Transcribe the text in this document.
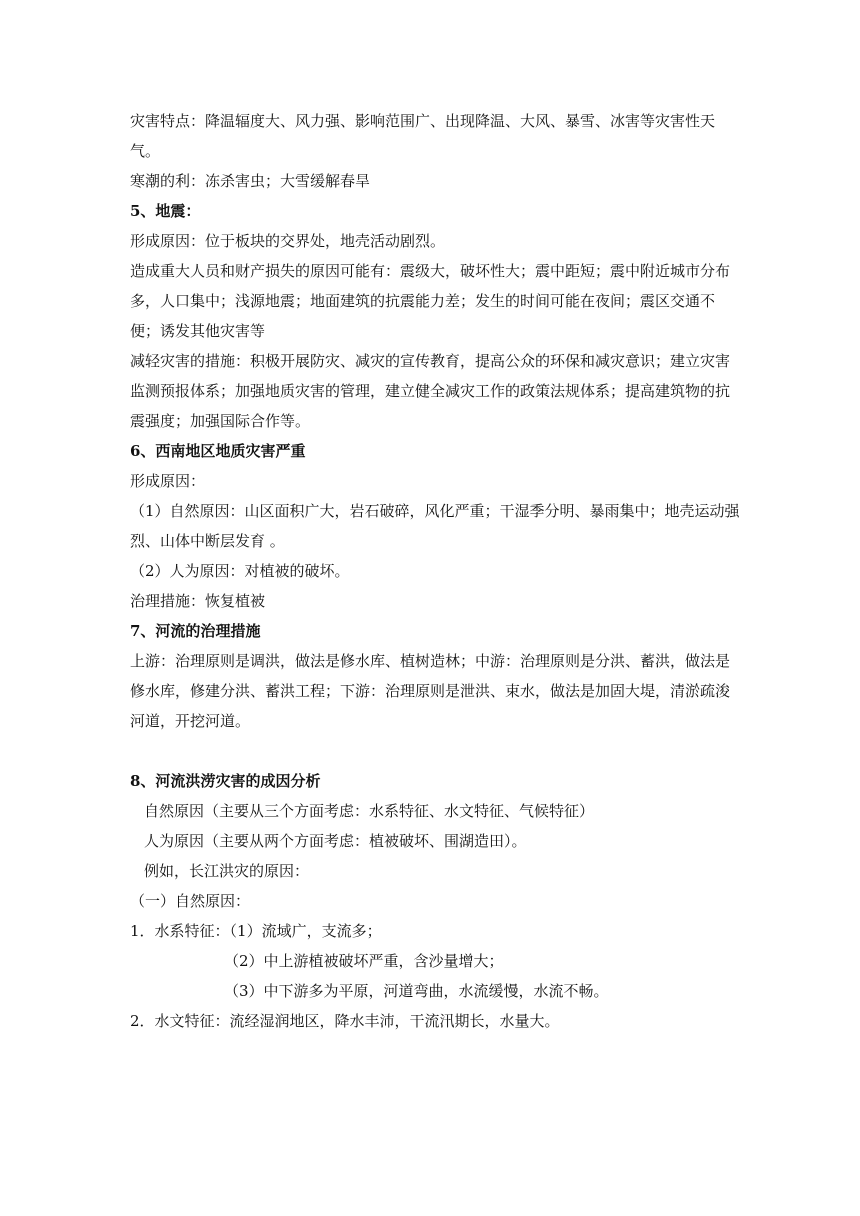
灾害特点：降温辐度大、风力强、影响范围广、出现降温、大风、暴雪、冰害等灾害性天气。

寒潮的利：冻杀害虫；大雪缓解春旱

5、地震：

形成原因：位于板块的交界处，地壳活动剧烈。

造成重大人员和财产损失的原因可能有：震级大，破坏性大；震中距短；震中附近城市分布多，人口集中；浅源地震；地面建筑的抗震能力差；发生的时间可能在夜间；震区交通不便；诱发其他灾害等

减轻灾害的措施：积极开展防灾、减灾的宣传教育，提高公众的环保和减灾意识；建立灾害监测预报体系；加强地质灾害的管理，建立健全减灾工作的政策法规体系；提高建筑物的抗震强度；加强国际合作等。

6、西南地区地质灾害严重

形成原因：

（1）自然原因：山区面积广大，岩石破碎，风化严重；干湿季分明、暴雨集中；地壳运动强烈、山体中断层发育 。

（2）人为原因：对植被的破坏。

治理措施：恢复植被

7、河流的治理措施

上游：治理原则是调洪，做法是修水库、植树造林；中游：治理原则是分洪、蓄洪，做法是修水库，修建分洪、蓄洪工程；下游：治理原则是泄洪、束水，做法是加固大堤，清淤疏浚河道，开挖河道。

8、河流洪涝灾害的成因分析

自然原因（主要从三个方面考虑：水系特征、水文特征、气候特征）

人为原因（主要从两个方面考虑：植被破坏、围湖造田）。

例如，长江洪灾的原因：

（一）自然原因：

1．水系特征：（1）流域广，支流多；

（2）中上游植被破坏严重，含沙量增大；

（3）中下游多为平原，河道弯曲，水流缓慢，水流不畅。

2．水文特征：流经湿润地区，降水丰沛，干流汛期长，水量大。
